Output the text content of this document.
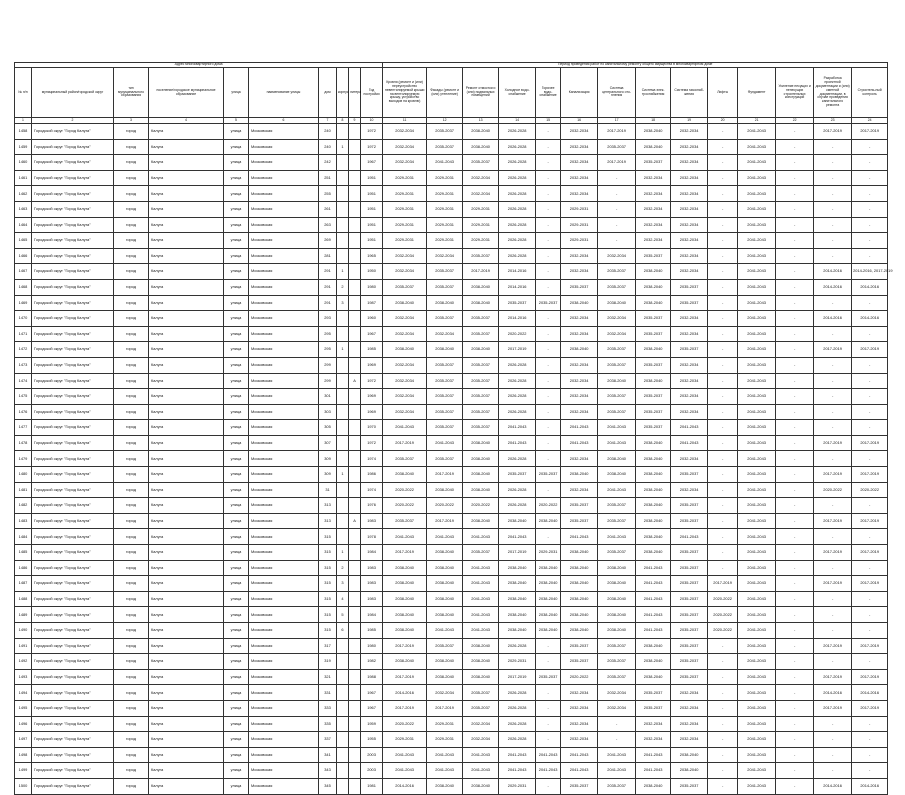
Адрес многоквартирного дома										Период проведения работ по капитальному ремонту общего имущества в многоквартирном доме													
№ п/п	муниципальный район/городской округ	тип муниципального образования	поселение/городское муниципальное образование	улица	наименование улицы	дом	корпус	литера	Год постройки	Кровля (ремонт и (или) переустройство невентилируемой крыши на вентилируемую крышу, устройство выходов на кровлю)	Фасады (ремонт и (или) утепление)	Ремонт отмостки и (или) подвальных помещений	Холодное водо-снабжение	Горячее водо-снабжение	Канализация	Система центрального ото-пления	Система элек-троснабжения	Система газоснаб-жения	Лифты	Фундамент	Усиление несущих и ненесущих строительных конструкций	Разработка проектной документации и (или) сметной документации, в случае проведения капитального ремонта	Строитель-ный контроль
1	2	3	4	5	6	7	8	9	10	11	12	13	14	15	16	17	18	19	20	21	22	23	24
1458	Городской округ "Город Калуга"	город	Калуга	улица	Московская	240			1972	2032-2034	2035-2037	2038-2040	2026-2028	-	2032-2034	2017-2019	2038-2040	2032-2034	-	2041-2043	-	2017-2019	2017-2019
1459	Городской округ "Город Калуга"	город	Калуга	улица	Московская	240	1		1972	2032-2034	2035-2037	2038-2040	2026-2028	-	2032-2034	2035-2037	2038-2040	2032-2034	-	2041-2043	-	-	-
1460	Городской округ "Город Калуга"	город	Калуга	улица	Московская	242			1967	2032-2034	2041-2043	2035-2037	2026-2028	-	2032-2034	2017-2019	2035-2037	2032-2034	-	2041-2043	-	-	-
1461	Городской округ "Город Калуга"	город	Калуга	улица	Московская	251			1951	2029-2031	2029-2031	2032-2034	2026-2028	-	2032-2034	-	2032-2034	2032-2034	-	2041-2043	-	-	-
1462	Городской округ "Город Калуга"	город	Калуга	улица	Московская	255			1951	2029-2031	2029-2031	2032-2034	2026-2028	-	2032-2034	-	2032-2034	2032-2034	-	2041-2043	-	-	-
1463	Городской округ "Город Калуга"	город	Калуга	улица	Московская	261			1951	2029-2031	2029-2031	2029-2031	2026-2028	-	2029-2031	-	2032-2034	2032-2034	-	2041-2043	-	-	-
1464	Городской округ "Город Калуга"	город	Калуга	улица	Московская	263			1951	2029-2031	2029-2031	2029-2031	2026-2028	-	2029-2031	-	2032-2034	2032-2034	-	2041-2043	-	-	-
1465	Городской округ "Город Калуга"	город	Калуга	улица	Московская	269			1951	2029-2031	2029-2031	2029-2031	2026-2028	-	2029-2031	-	2032-2034	2032-2034	-	2041-2043	-	-	-
1466	Городской округ "Город Калуга"	город	Калуга	улица	Московская	281			1965	2032-2034	2032-2034	2035-2037	2026-2028	-	2032-2034	2032-2034	2035-2037	2032-2034	-	2041-2043	-	-	-
1467	Городской округ "Город Калуга"	город	Калуга	улица	Московская	291	1		1950	2032-2034	2035-2037	2017-2019	2014-2016	-	2032-2034	2035-2037	2038-2040	2032-2034	-	2041-2043	-	2014-2016	2014-2016, 2017-2019
1468	Городской округ "Город Калуга"	город	Калуга	улица	Московская	291	2		1980	2035-2037	2035-2037	2038-2040	2014-2016	-	2035-2037	2035-2037	2038-2040	2035-2037	-	2041-2043	-	2014-2016	2014-2016
1469	Городской округ "Город Калуга"	город	Калуга	улица	Московская	291	3		1987	2038-2040	2038-2040	2038-2040	2035-2037	2035-2037	2038-2040	2038-2040	2038-2040	2035-2037	-	2041-2043	-	-	-
1470	Городской округ "Город Калуга"	город	Калуга	улица	Московская	293			1960	2032-2034	2035-2037	2035-2037	2014-2016	-	2032-2034	2032-2034	2035-2037	2032-2034	-	2041-2043	-	2014-2016	2014-2016
1471	Городской округ "Город Калуга"	город	Калуга	улица	Московская	295			1967	2032-2034	2032-2034	2035-2037	2020-2022	-	2032-2034	2032-2034	2035-2037	2032-2034	-	2041-2043	-	-	-
1472	Городской округ "Город Калуга"	город	Калуга	улица	Московская	295	1		1985	2038-2040	2038-2040	2038-2040	2017-2019	-	2038-2040	2035-2037	2038-2040	2035-2037	-	2041-2043	-	2017-2019	2017-2019
1473	Городской округ "Город Калуга"	город	Калуга	улица	Московская	299			1969	2032-2034	2035-2037	2035-2037	2026-2028	-	2032-2034	2035-2037	2035-2037	2032-2034	-	2041-2043	-	-	-
1474	Городской округ "Город Калуга"	город	Калуга	улица	Московская	299		А	1972	2032-2034	2035-2037	2035-2037	2026-2028	-	2032-2034	2038-2040	2038-2040	2032-2034	-	2041-2043	-	-	-
1475	Городской округ "Город Калуга"	город	Калуга	улица	Московская	301			1969	2032-2034	2035-2037	2035-2037	2026-2028	-	2032-2034	2035-2037	2035-2037	2032-2034	-	2041-2043	-	-	-
1476	Городской округ "Город Калуга"	город	Калуга	улица	Московская	303			1969	2032-2034	2035-2037	2035-2037	2026-2028	-	2032-2034	2035-2037	2035-2037	2032-2034	-	2041-2043	-	-	-
1477	Городской округ "Город Калуга"	город	Калуга	улица	Московская	305			1970	2041-2043	2035-2037	2035-2037	2041-2043	-	2041-2043	2041-2043	2035-2037	2041-2043	-	2041-2043	-	-	-
1478	Городской округ "Город Калуга"	город	Калуга	улица	Московская	307			1972	2017-2019	2041-2043	2038-2040	2041-2043	-	2041-2043	2041-2043	2038-2040	2041-2043	-	2041-2043	-	2017-2019	2017-2019
1479	Городской округ "Город Калуга"	город	Калуга	улица	Московская	309			1974	2035-2037	2035-2037	2038-2040	2026-2028	-	2032-2034	2038-2040	2038-2040	2032-2034	-	2041-2043	-	-	-
1480	Городской округ "Город Калуга"	город	Калуга	улица	Московская	309	1		1986	2038-2040	2017-2019	2038-2040	2035-2037	2035-2037	2038-2040	2038-2040	2038-2040	2035-2037	-	2041-2043	-	2017-2019	2017-2019
1481	Городской округ "Город Калуга"	город	Калуга	улица	Московская	31			1974	2020-2022	2038-2040	2038-2040	2026-2028	-	2032-2034	2041-2043	2038-2040	2032-2034	-	2041-2043	-	2020-2022	2020-2022
1482	Городской округ "Город Калуга"	город	Калуга	улица	Московская	313			1976	2020-2022	2020-2022	2020-2022	2026-2028	2020-2022	2035-2037	2035-2037	2038-2040	2035-2037	-	2041-2043	-	-	-
1483	Городской округ "Город Калуга"	город	Калуга	улица	Московская	313		А	1983	2035-2037	2017-2019	2038-2040	2038-2040	2038-2040	2035-2037	2035-2037	2038-2040	2035-2037	-	2041-2043	-	2017-2019	2017-2019
1484	Городской округ "Город Калуга"	город	Калуга	улица	Московская	315			1978	2041-2043	2041-2043	2041-2043	2041-2043	-	2041-2043	2041-2043	2038-2040	2041-2043	-	2041-2043	-	-	-
1485	Городской округ "Город Калуга"	город	Калуга	улица	Московская	315	1		1984	2017-2019	2038-2040	2035-2037	2017-2019	2029-2031	2038-2040	2035-2037	2038-2040	2035-2037	-	2041-2043	-	2017-2019	2017-2019
1486	Городской округ "Город Калуга"	город	Калуга	улица	Московская	315	2		1983	2038-2040	2038-2040	2041-2043	2038-2040	2038-2040	2038-2040	2038-2040	2041-2043	2035-2037	-	2041-2043	-	-	-
1487	Городской округ "Город Калуга"	город	Калуга	улица	Московская	315	3		1983	2038-2040	2038-2040	2041-2043	2038-2040	2038-2040	2038-2040	2038-2040	2041-2043	2035-2037	2017-2019	2041-2043	-	2017-2019	2017-2019
1488	Городской округ "Город Калуга"	город	Калуга	улица	Московская	315	4		1983	2038-2040	2038-2040	2041-2043	2038-2040	2038-2040	2038-2040	2038-2040	2041-2043	2035-2037	2020-2022	2041-2043	-	-	-
1489	Городской округ "Город Калуга"	город	Калуга	улица	Московская	315	5		1984	2038-2040	2038-2040	2041-2043	2038-2040	2038-2040	2038-2040	2038-2040	2041-2043	2035-2037	2020-2022	2041-2043	-	-	-
1490	Городской округ "Город Калуга"	город	Калуга	улица	Московская	315	6		1985	2038-2040	2041-2043	2041-2043	2038-2040	2038-2040	2038-2040	2038-2040	2041-2043	2035-2037	2020-2022	2041-2043	-	-	-
1491	Городской округ "Город Калуга"	город	Калуга	улица	Московская	317			1980	2017-2019	2035-2037	2038-2040	2026-2028	-	2035-2037	2035-2037	2038-2040	2035-2037	-	2041-2043	-	2017-2019	2017-2019
1492	Городской округ "Город Калуга"	город	Калуга	улица	Московская	319			1982	2038-2040	2038-2040	2038-2040	2029-2031	-	2035-2037	2035-2037	2038-2040	2035-2037	-	2041-2043	-	-	-
1493	Городской округ "Город Калуга"	город	Калуга	улица	Московская	321			1988	2017-2019	2038-2040	2038-2040	2017-2019	2035-2037	2020-2022	2035-2037	2038-2040	2035-2037	-	2041-2043	-	2017-2019	2017-2019
1494	Городской округ "Город Калуга"	город	Калуга	улица	Московская	331			1967	2014-2016	2032-2034	2035-2037	2026-2028	-	2032-2034	2032-2034	2035-2037	2032-2034	-	2041-2043	-	2014-2016	2014-2016
1495	Городской округ "Город Калуга"	город	Калуга	улица	Московская	333			1967	2017-2019	2017-2019	2035-2037	2026-2028	-	2032-2034	2032-2034	2035-2037	2032-2034	-	2041-2043	-	2017-2019	2017-2019
1496	Городской округ "Город Калуга"	город	Калуга	улица	Московская	335			1959	2020-2022	2029-2031	2032-2034	2026-2028	-	2032-2034	-	2032-2034	2032-2034	-	2041-2043	-	-	-
1497	Городской округ "Город Калуга"	город	Калуга	улица	Московская	337			1955	2029-2031	2029-2031	2032-2034	2026-2028	-	2032-2034	-	2032-2034	2032-2034	-	2041-2043	-	-	-
1498	Городской округ "Город Калуга"	город	Калуга	улица	Московская	341			2003	2041-2043	2041-2043	2041-2043	2041-2043	2041-2043	2041-2043	2041-2043	2041-2043	2038-2040	-	2041-2043	-	-	-
1499	Городской округ "Город Калуга"	город	Калуга	улица	Московская	343			2003	2041-2043	2041-2043	2041-2043	2041-2043	2041-2043	2041-2043	2041-2043	2041-2043	2038-2040	-	2041-2043	-	-	-
1500	Городской округ "Город Калуга"	город	Калуга	улица	Московская	345			1981	2014-2016	2038-2040	2038-2040	2029-2031	-	2035-2037	2035-2037	2038-2040	2035-2037	-	2041-2043	-	2014-2016	2014-2016
